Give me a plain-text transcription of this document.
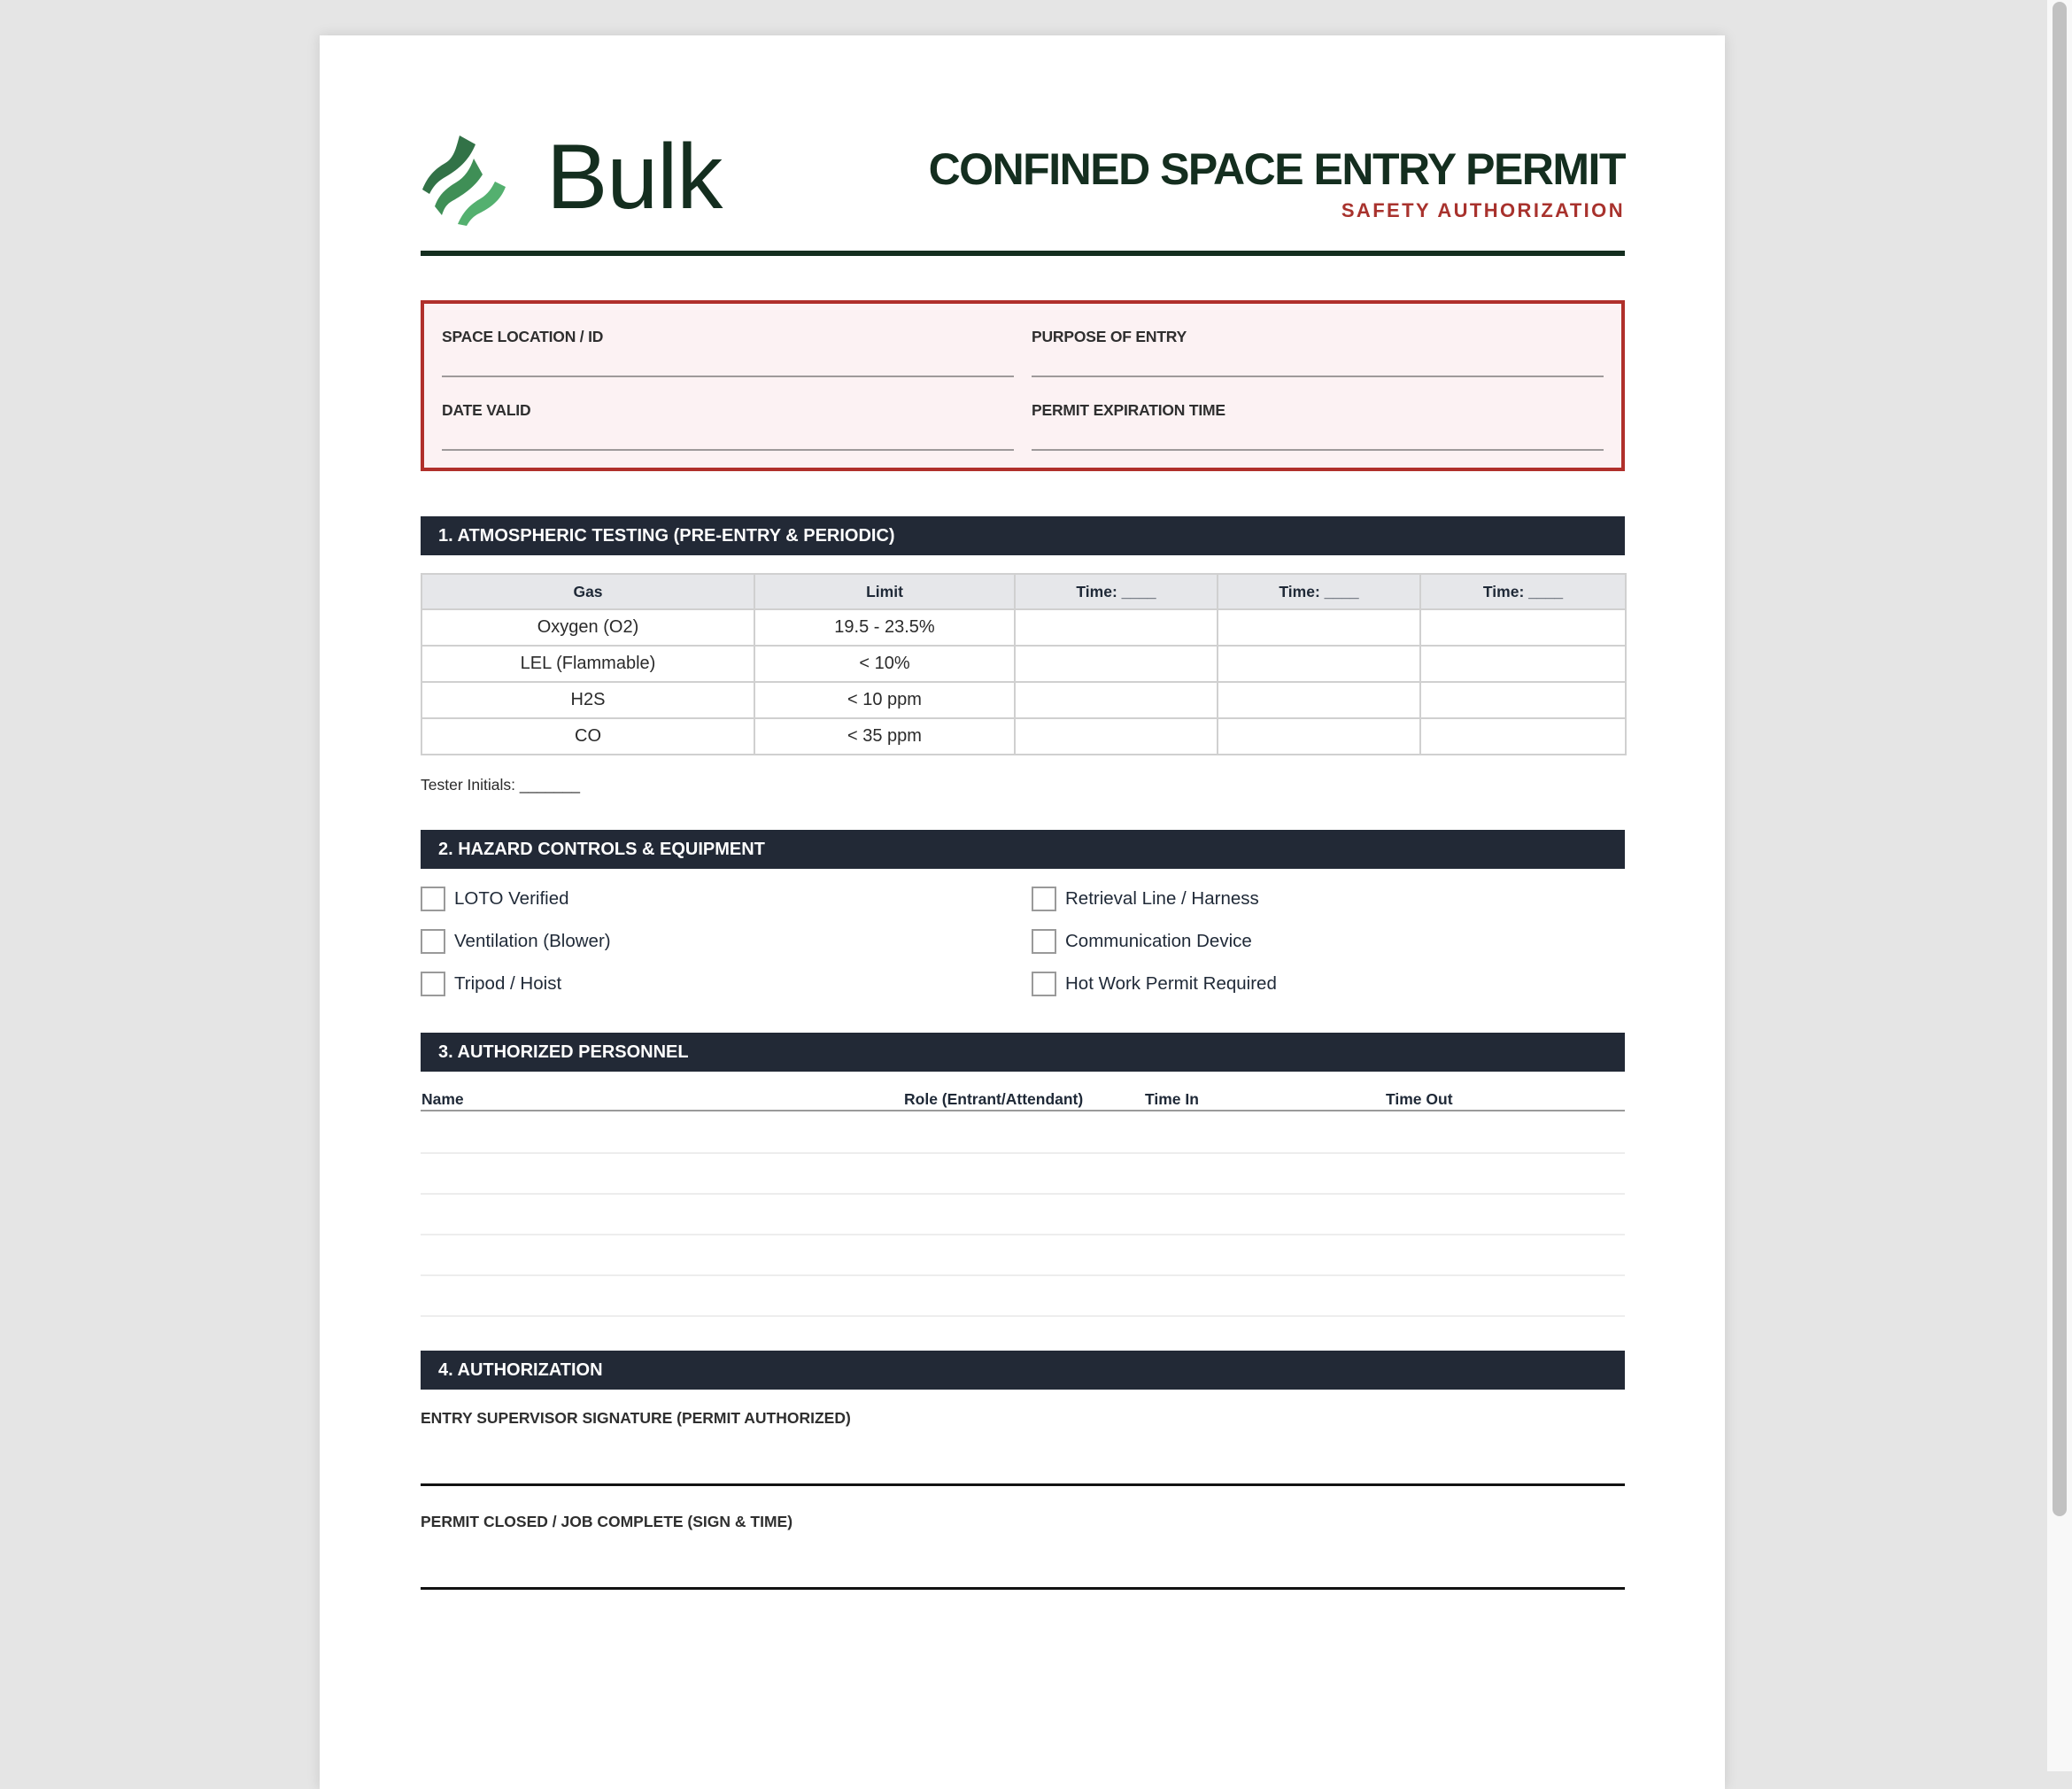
Bulk	CONFINED SPACE ENTRY PERMIT
SAFETY AUTHORIZATION
SPACE LOCATION / ID	PURPOSE OF ENTRY
DATE VALID	PERMIT EXPIRATION TIME
1. ATMOSPHERIC TESTING (PRE-ENTRY & PERIODIC)
Gas	Limit	Time: ____	Time: ____	Time: ____
Oxygen (O2)	19.5 - 23.5%			
LEL (Flammable)	< 10%			
H2S	< 10 ppm			
CO	< 35 ppm			
Tester Initials: _______
2. HAZARD CONTROLS & EQUIPMENT
LOTO Verified	Retrieval Line / Harness
Ventilation (Blower)	Communication Device
Tripod / Hoist	Hot Work Permit Required
3. AUTHORIZED PERSONNEL
Name	Role (Entrant/Attendant)	Time In	Time Out
4. AUTHORIZATION
ENTRY SUPERVISOR SIGNATURE (PERMIT AUTHORIZED)
PERMIT CLOSED / JOB COMPLETE (SIGN & TIME)
